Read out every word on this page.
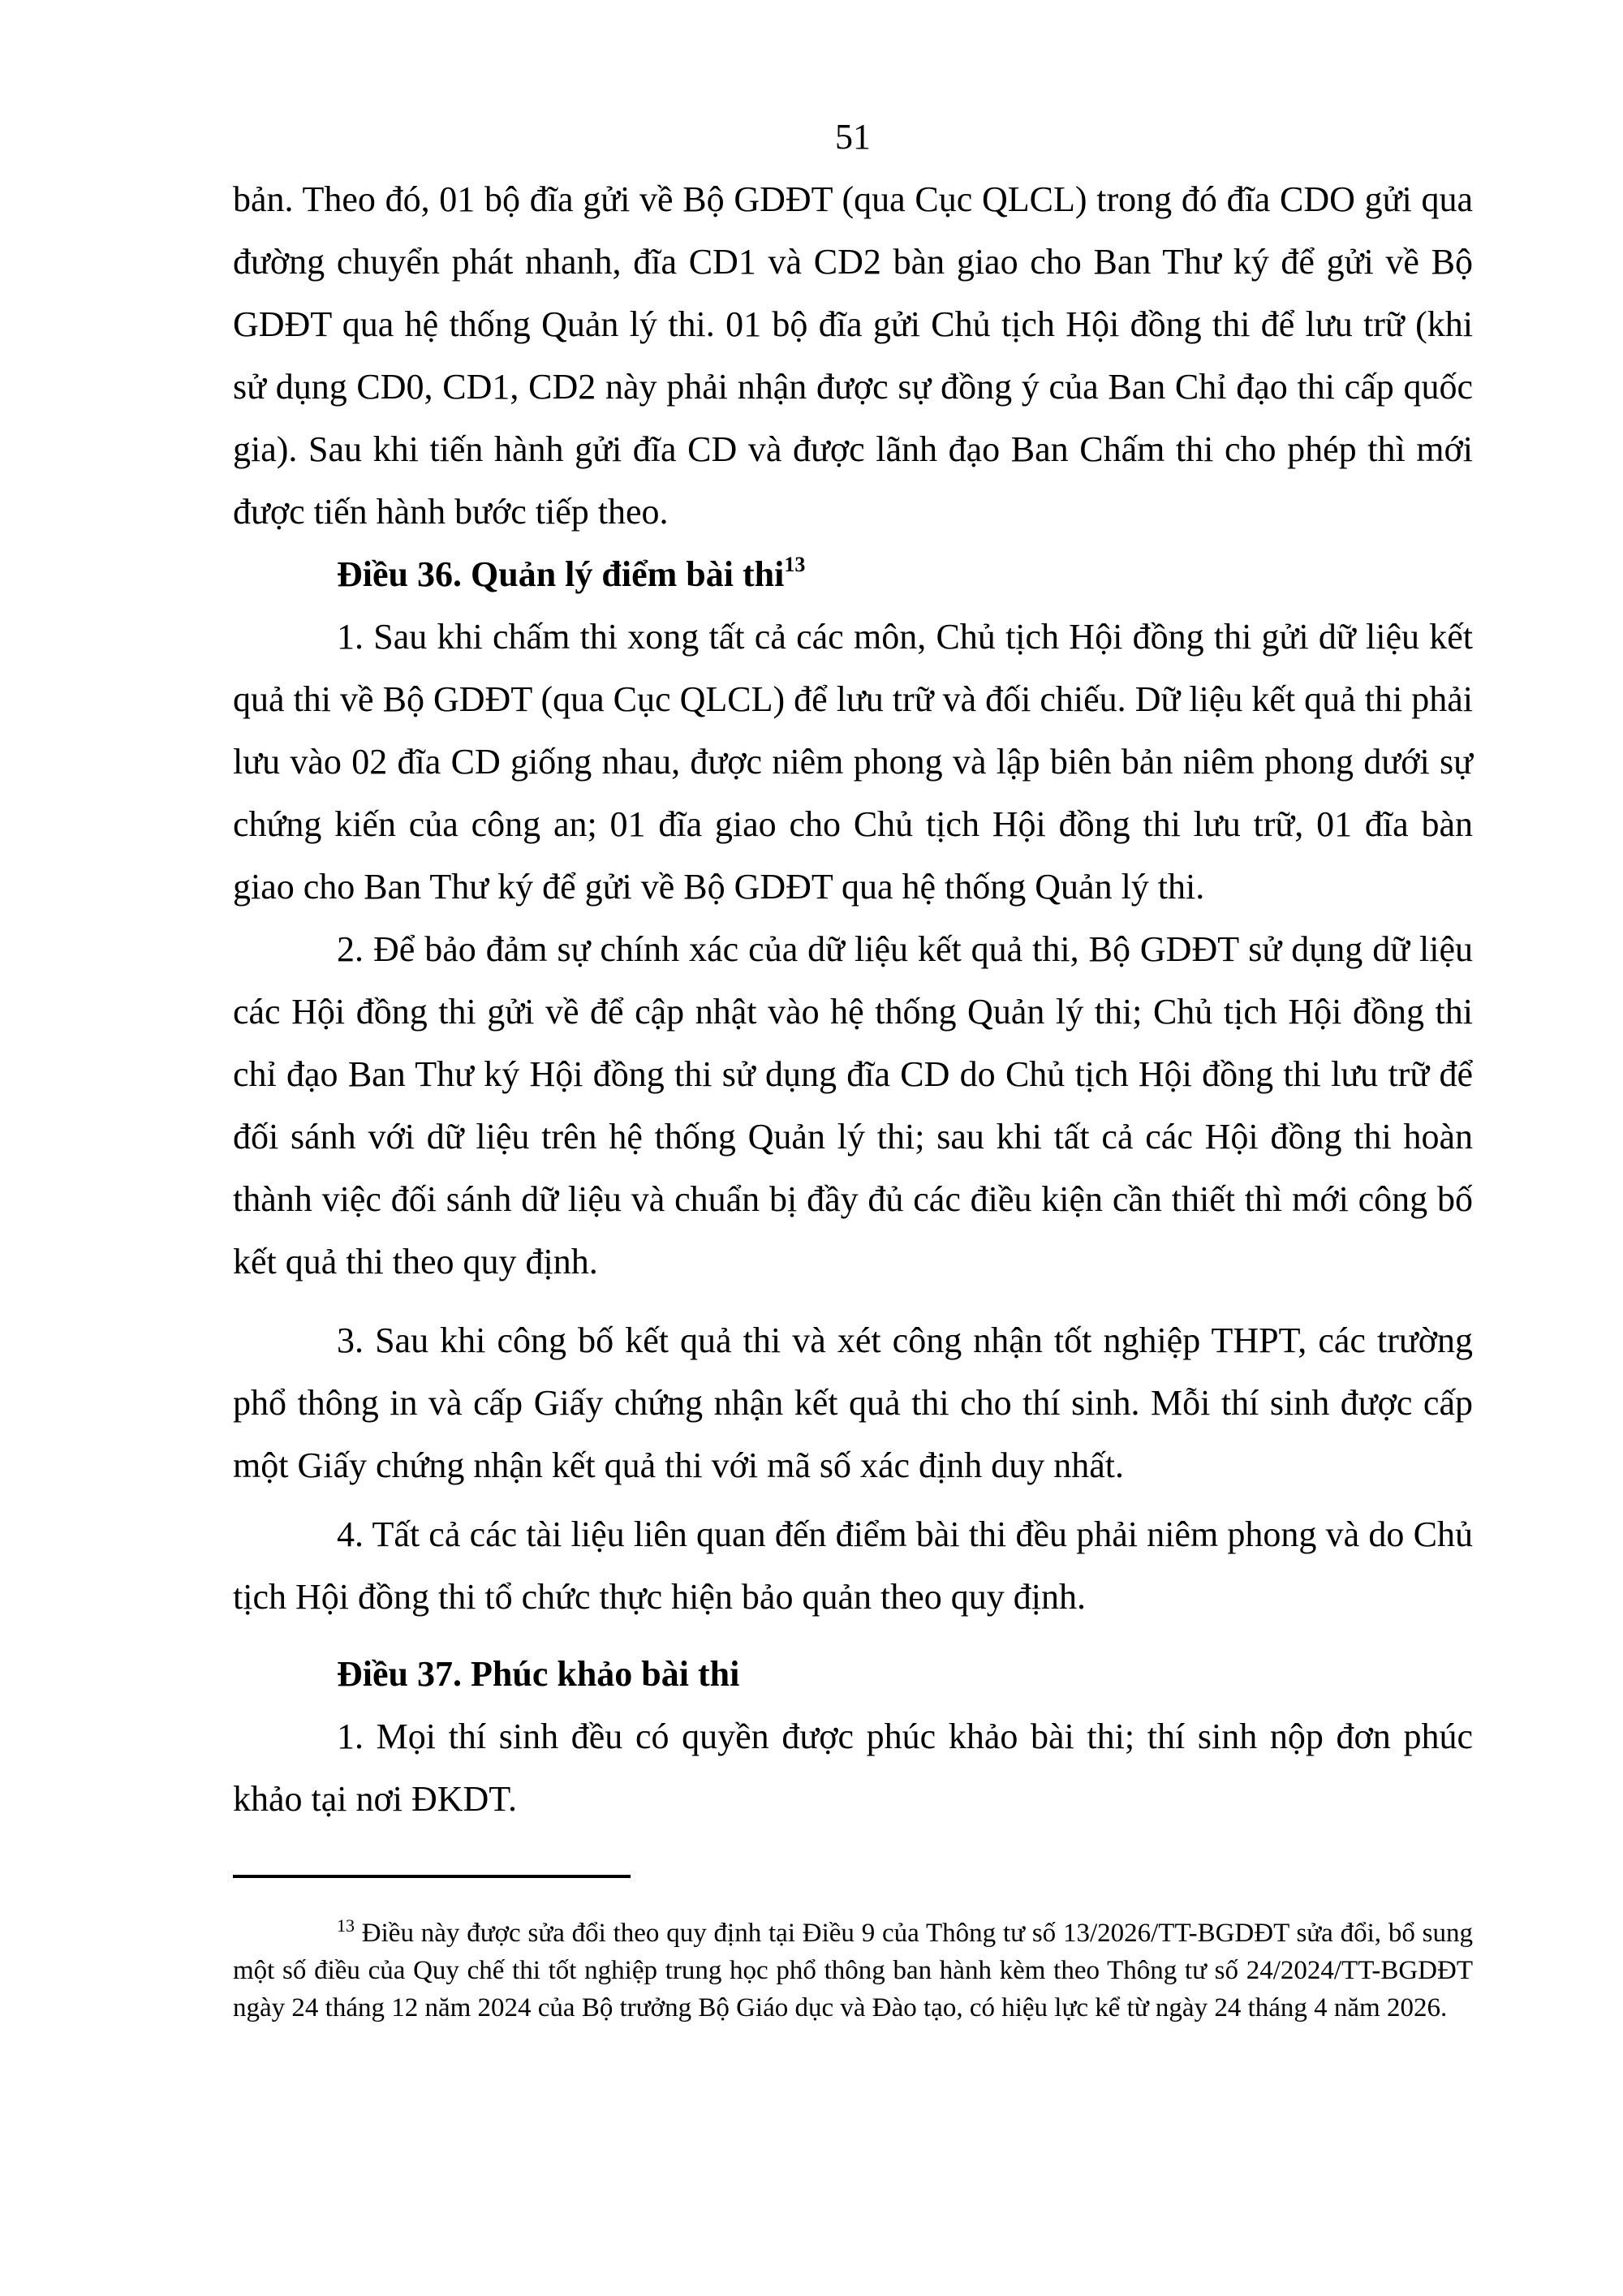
51

bản. Theo đó, 01 bộ đĩa gửi về Bộ GDĐT (qua Cục QLCL) trong đó đĩa CDO gửi qua đường chuyển phát nhanh, đĩa CD1 và CD2 bàn giao cho Ban Thư ký để gửi về Bộ GDĐT qua hệ thống Quản lý thi. 01 bộ đĩa gửi Chủ tịch Hội đồng thi để lưu trữ (khi sử dụng CD0, CD1, CD2 này phải nhận được sự đồng ý của Ban Chỉ đạo thi cấp quốc gia). Sau khi tiến hành gửi đĩa CD và được lãnh đạo Ban Chấm thi cho phép thì mới được tiến hành bước tiếp theo.

Điều 36. Quản lý điểm bài thi$^{13}$

1. Sau khi chấm thi xong tất cả các môn, Chủ tịch Hội đồng thi gửi dữ liệu kết quả thi về Bộ GDĐT (qua Cục QLCL) để lưu trữ và đối chiếu. Dữ liệu kết quả thi phải lưu vào 02 đĩa CD giống nhau, được niêm phong và lập biên bản niêm phong dưới sự chứng kiến của công an; 01 đĩa giao cho Chủ tịch Hội đồng thi lưu trữ, 01 đĩa bàn giao cho Ban Thư ký để gửi về Bộ GDĐT qua hệ thống Quản lý thi.

2. Để bảo đảm sự chính xác của dữ liệu kết quả thi, Bộ GDĐT sử dụng dữ liệu các Hội đồng thi gửi về để cập nhật vào hệ thống Quản lý thi; Chủ tịch Hội đồng thi chỉ đạo Ban Thư ký Hội đồng thi sử dụng đĩa CD do Chủ tịch Hội đồng thi lưu trữ để đối sánh với dữ liệu trên hệ thống Quản lý thi; sau khi tất cả các Hội đồng thi hoàn thành việc đối sánh dữ liệu và chuẩn bị đầy đủ các điều kiện cần thiết thì mới công bố kết quả thi theo quy định.

3. Sau khi công bố kết quả thi và xét công nhận tốt nghiệp THPT, các trường phổ thông in và cấp Giấy chứng nhận kết quả thi cho thí sinh. Mỗi thí sinh được cấp một Giấy chứng nhận kết quả thi với mã số xác định duy nhất.

4. Tất cả các tài liệu liên quan đến điểm bài thi đều phải niêm phong và do Chủ tịch Hội đồng thi tổ chức thực hiện bảo quản theo quy định.

Điều 37. Phúc khảo bài thi

1. Mọi thí sinh đều có quyền được phúc khảo bài thi; thí sinh nộp đơn phúc khảo tại nơi ĐKDT.

$^{13}$ Điều này được sửa đổi theo quy định tại Điều 9 của Thông tư số 13/2026/TT-BGDĐT sửa đổi, bổ sung một số điều của Quy chế thi tốt nghiệp trung học phổ thông ban hành kèm theo Thông tư số 24/2024/TT-BGDĐT ngày 24 tháng 12 năm 2024 của Bộ trưởng Bộ Giáo dục và Đào tạo, có hiệu lực kể từ ngày 24 tháng 4 năm 2026.
